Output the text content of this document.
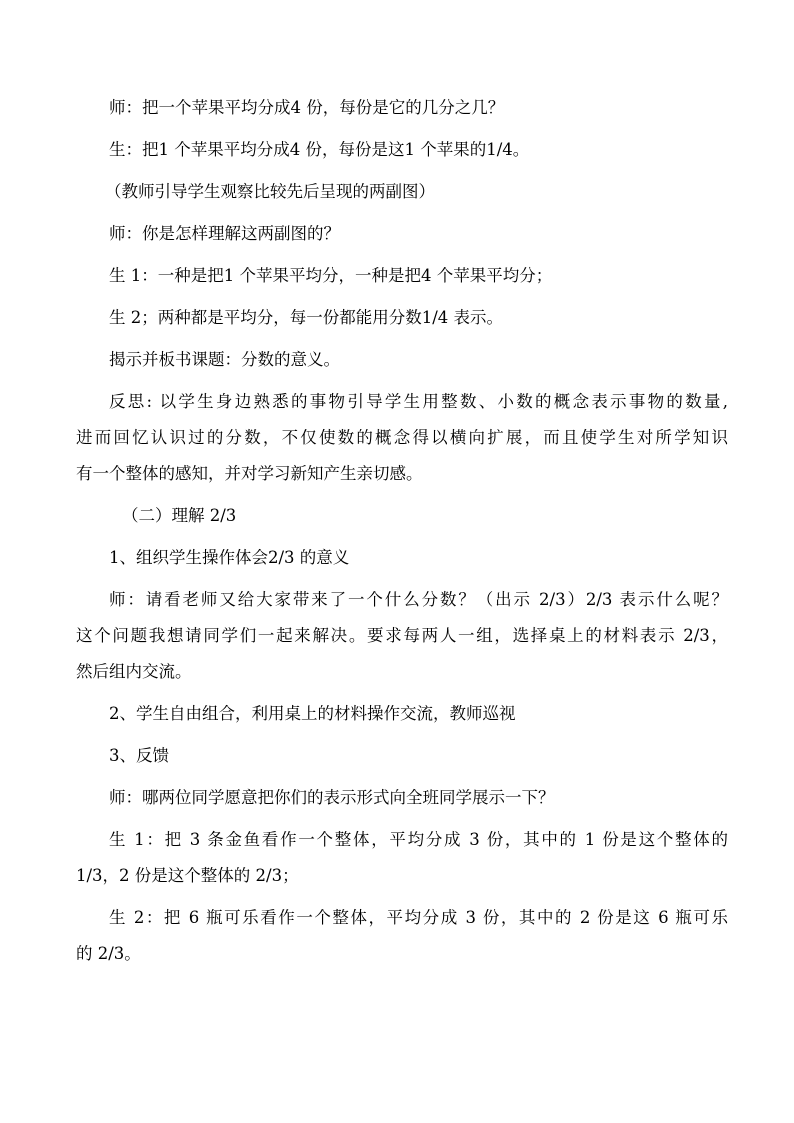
师：把一个苹果平均分成4 份，每份是它的几分之几？
生：把1 个苹果平均分成4 份，每份是这1 个苹果的1/4。
（教师引导学生观察比较先后呈现的两副图）
师：你是怎样理解这两副图的？
生 1：一种是把1 个苹果平均分，一种是把4 个苹果平均分；
生 2；两种都是平均分，每一份都能用分数1/4 表示。
揭示并板书课题：分数的意义。
反思: 以学生身边熟悉的事物引导学生用整数、小数的概念表示事物的数量,
进而回忆认识过的分数，不仅使数的概念得以横向扩展，而且使学生对所学知识
有一个整体的感知，并对学习新知产生亲切感。
（二）理解 2/3
1、组织学生操作体会2/3 的意义
师：请看老师又给大家带来了一个什么分数？（出示 2/3）2/3 表示什么呢？
这个问题我想请同学们一起来解决。要求每两人一组，选择桌上的材料表示 2/3，
然后组内交流。
2、学生自由组合，利用桌上的材料操作交流，教师巡视
3、反馈
师：哪两位同学愿意把你们的表示形式向全班同学展示一下？
生 1：把 3 条金鱼看作一个整体，平均分成 3 份，其中的 1 份是这个整体的
1/3，2 份是这个整体的 2/3；
生 2：把 6 瓶可乐看作一个整体，平均分成 3 份，其中的 2 份是这 6 瓶可乐
的 2/3。
